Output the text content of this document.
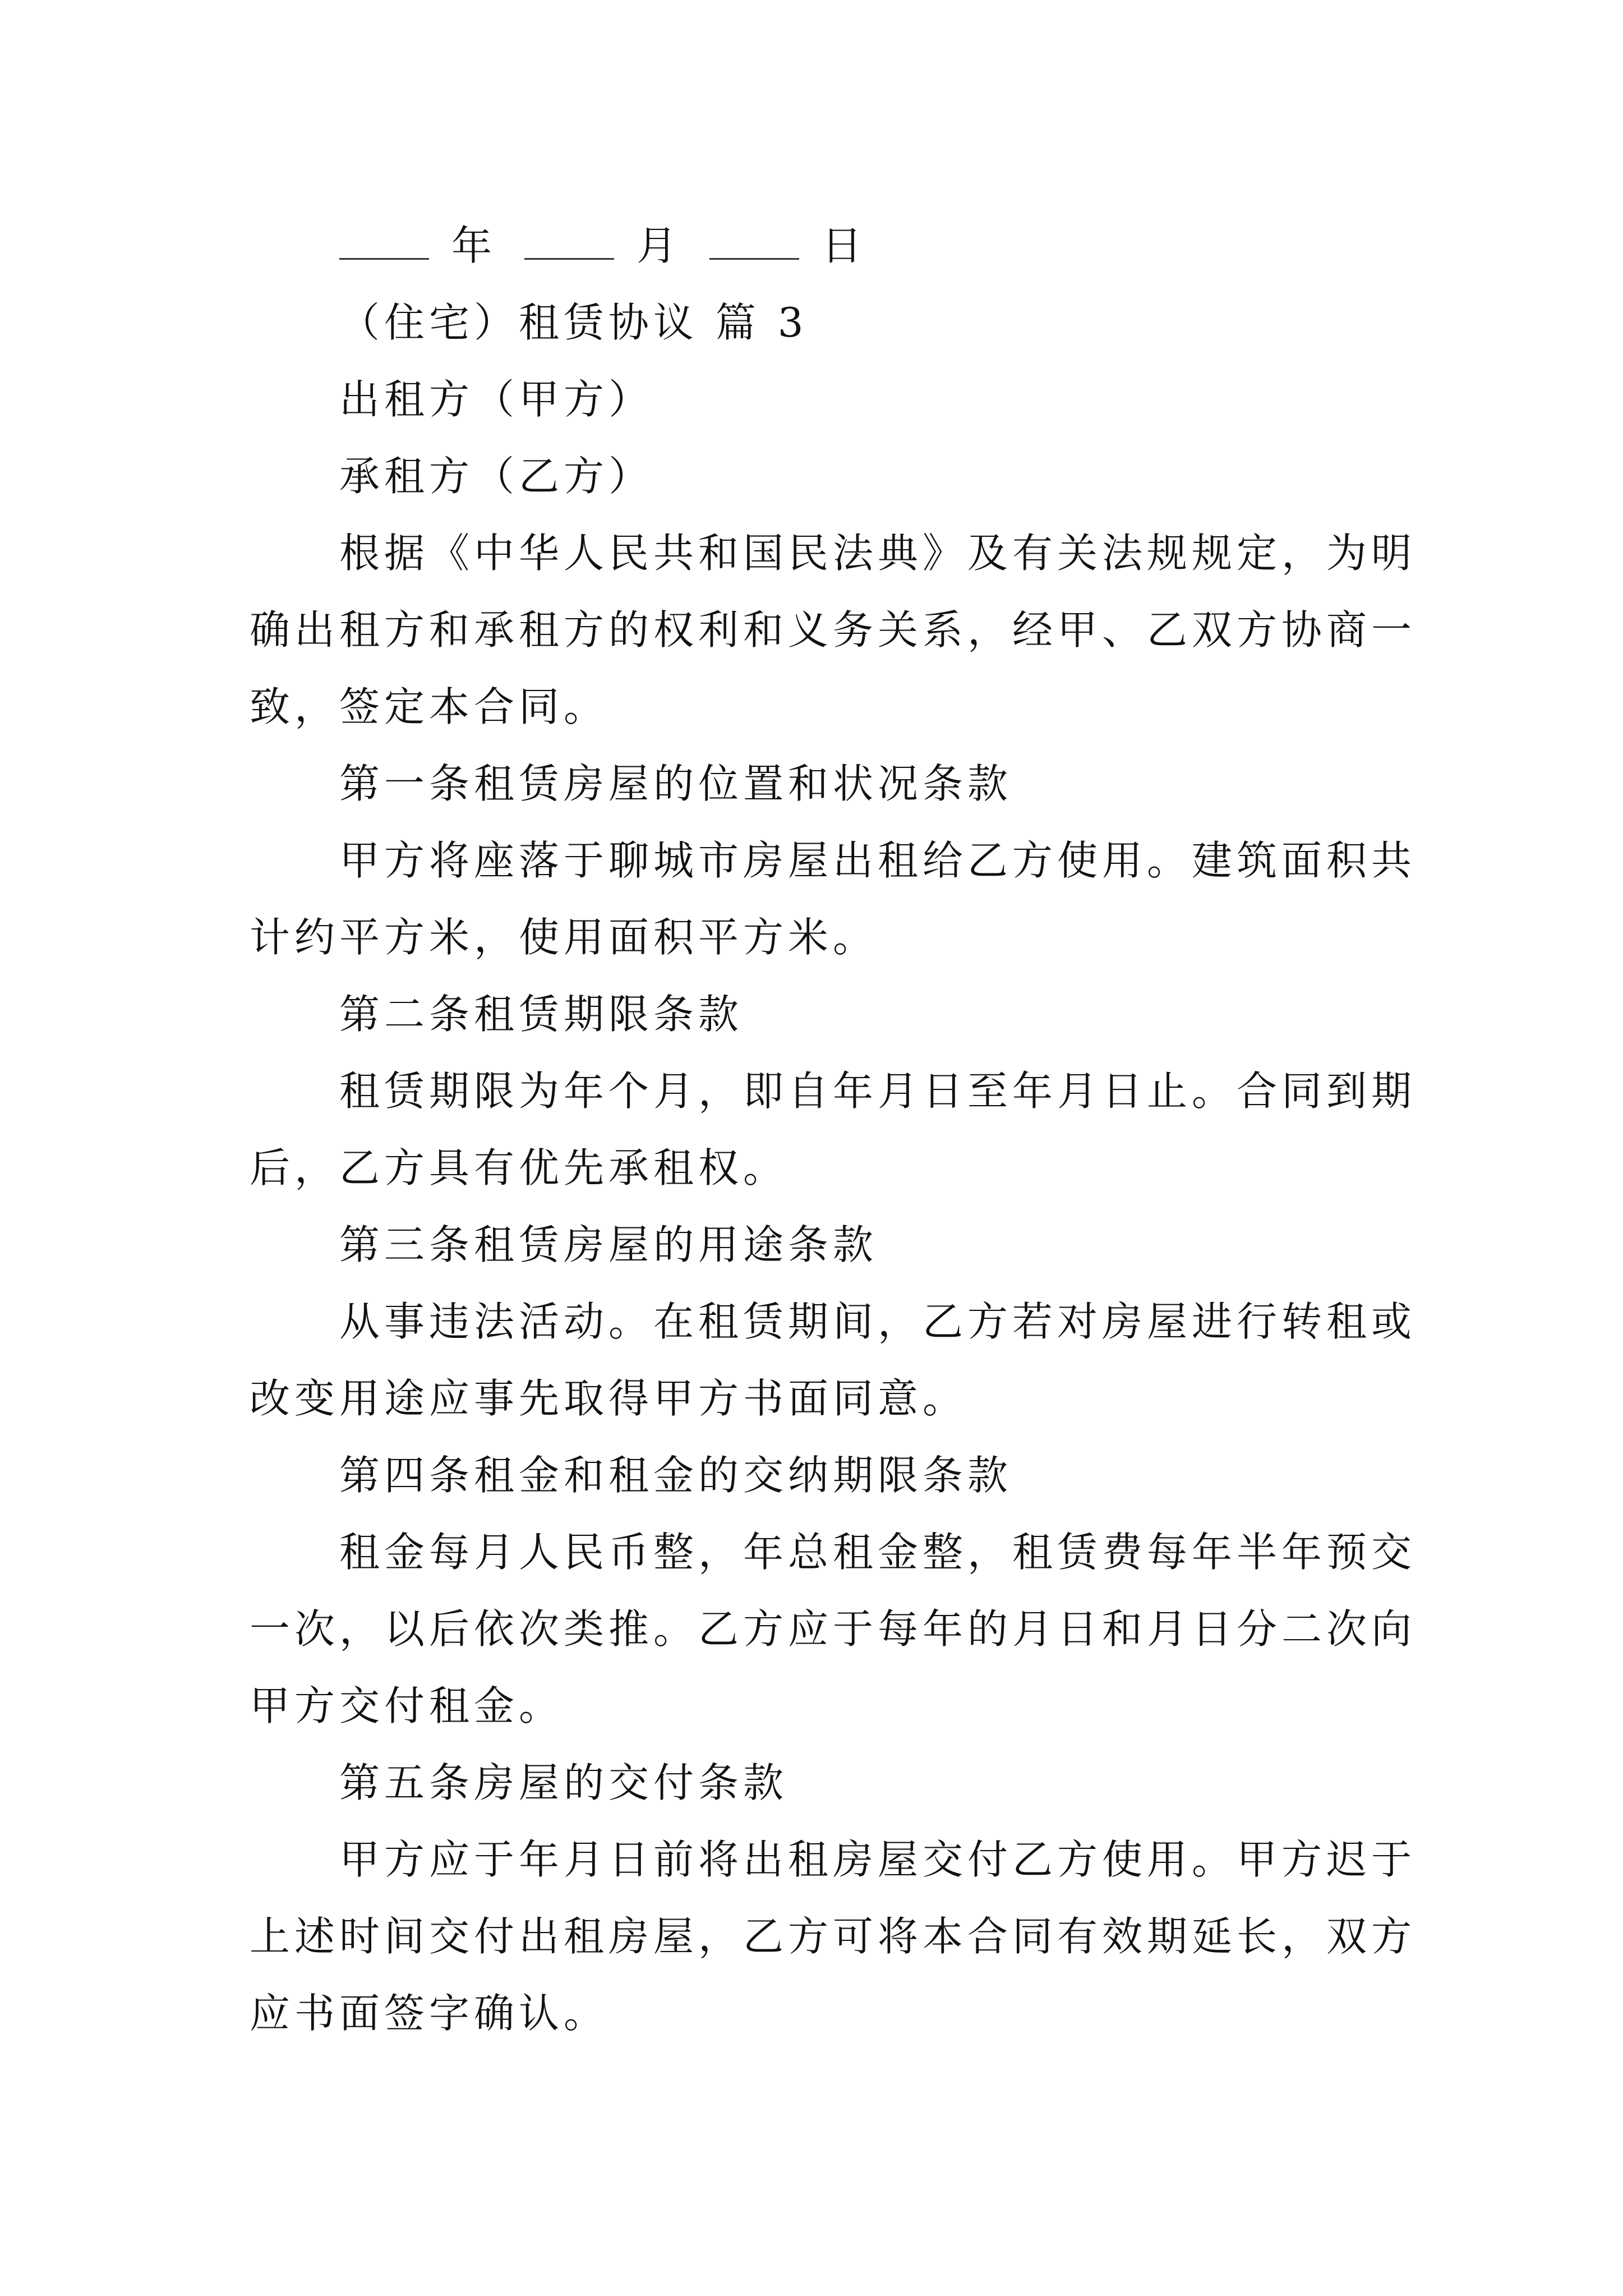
年	月	日
（住宅）租赁协议 篇 3
出租方（甲方）
承租方（乙方）
根据《中华人民共和国民法典》及有关法规规定，为明
确出租方和承租方的权利和义务关系，经甲、乙双方协商一
致，签定本合同。
第一条租赁房屋的位置和状况条款
甲方将座落于聊城市房屋出租给乙方使用。建筑面积共
计约平方米，使用面积平方米。
第二条租赁期限条款
租赁期限为年个月，即自年月日至年月日止。合同到期
后，乙方具有优先承租权。
第三条租赁房屋的用途条款
从事违法活动。在租赁期间，乙方若对房屋进行转租或
改变用途应事先取得甲方书面同意。
第四条租金和租金的交纳期限条款
租金每月人民币整，年总租金整，租赁费每年半年预交
一次，以后依次类推。乙方应于每年的月日和月日分二次向
甲方交付租金。
第五条房屋的交付条款
甲方应于年月日前将出租房屋交付乙方使用。甲方迟于
上述时间交付出租房屋，乙方可将本合同有效期延长，双方
应书面签字确认。
